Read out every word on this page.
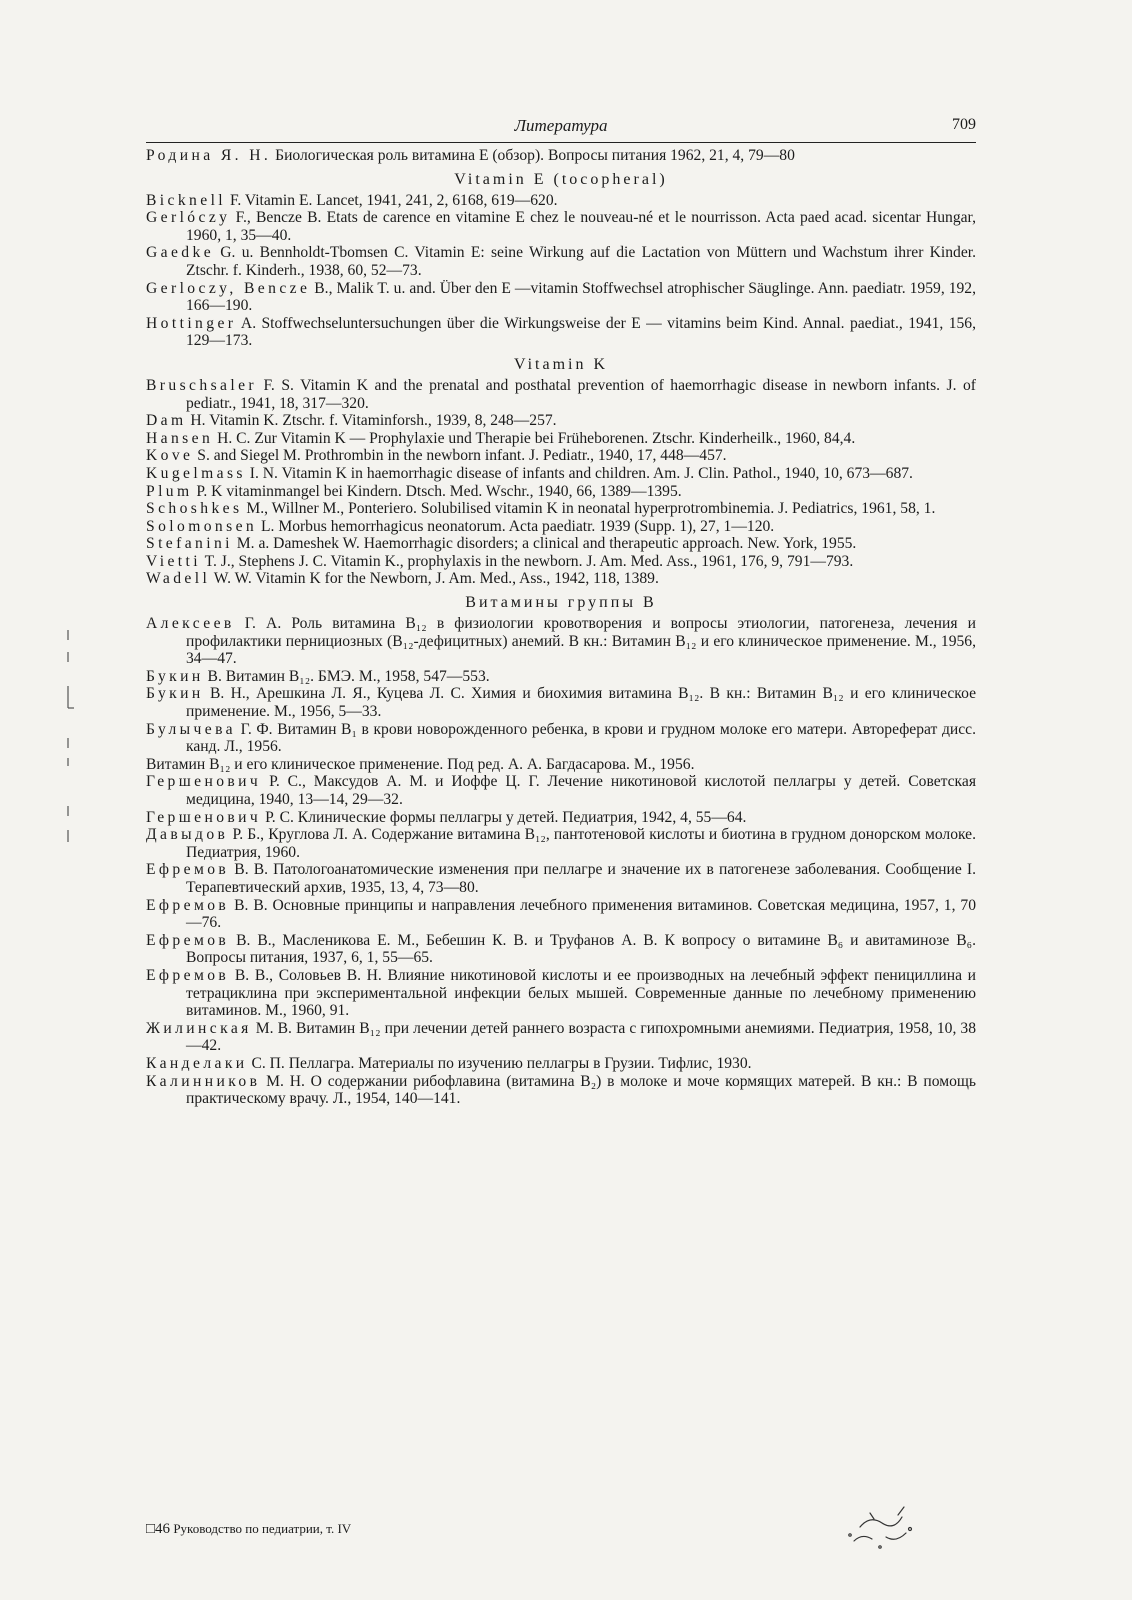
Литература	709

Родина Я. Н. Биологическая роль витамина Е (обзор). Вопросы питания 1962, 21, 4, 79—80

Vitamin E (tocopheral)

Bicknell F. Vitamin E. Lancet, 1941, 241, 2, 6168, 619—620.

Gerlóczy F., Bencze B. Etats de carence en vitamine E chez le nouveau-né et le nourrisson. Acta paed acad. sicentar Hungar, 1960, 1, 35—40.

Gaedke G. u. Bennholdt-Tbomsen C. Vitamin E: seine Wirkung auf die Lactation von Müttern und Wachstum ihrer Kinder. Ztschr. f. Kinderh., 1938, 60, 52—73.

Gerloczy, Bencze B., Malik T. u. and. Über den E —vitamin Stoffwechsel atrophischer Säuglinge. Ann. paediatr. 1959, 192, 166—190.

Hottinger A. Stoffwechseluntersuchungen über die Wirkungsweise der E — vitamins beim Kind. Annal. paediat., 1941, 156, 129—173.

Vitamin K

Bruschsaler F. S. Vitamin K and the prenatal and posthatal prevention of haemorrhagic disease in newborn infants. J. of pediatr., 1941, 18, 317—320.

Dam H. Vitamin K. Ztschr. f. Vitaminforsh., 1939, 8, 248—257.

Hansen H. C. Zur Vitamin K — Prophylaxie und Therapie bei Früheborenen. Ztschr. Kinderheilk., 1960, 84,4.

Kove S. and Siegel M. Prothrombin in the newborn infant. J. Pediatr., 1940, 17, 448—457.

Kugelmass I. N. Vitamin K in haemorrhagic disease of infants and children. Am. J. Clin. Pathol., 1940, 10, 673—687.

Plum P. K vitaminmangel bei Kindern. Dtsch. Med. Wschr., 1940, 66, 1389—1395.

Schoshkes M., Willner M., Ponteriero. Solubilised vitamin K in neonatal hyperprotrombinemia. J. Pediatrics, 1961, 58, 1.

Solomonsen L. Morbus hemorrhagicus neonatorum. Acta paediatr. 1939 (Supp. 1), 27, 1—120.

Stefanini M. a. Dameshek W. Haemorrhagic disorders; a clinical and therapeutic approach. New. York, 1955.

Vietti T. J., Stephens J. C. Vitamin K., prophylaxis in the newborn. J. Am. Med. Ass., 1961, 176, 9, 791—793.

Wadell W. W. Vitamin K for the Newborn, J. Am. Med., Ass., 1942, 118, 1389.

Витамины группы В

Алексеев Г. А. Роль витамина В₁₂ в физиологии кровотворения и вопросы этиологии, патогенеза, лечения и профилактики пернициозных (В₁₂-дефицитных) анемий. В кн.: Витамин В₁₂ и его клиническое применение. М., 1956, 34—47.

Букин В. Витамин В₁₂. БМЭ. М., 1958, 547—553.

Букин В. Н., Арешкина Л. Я., Куцева Л. С. Химия и биохимия витамина В₁₂. В кн.: Витамин В₁₂ и его клиническое применение. М., 1956, 5—33.

Булычева Г. Ф. Витамин В₁ в крови новорожденного ребенка, в крови и грудном молоке его матери. Автореферат дисс. канд. Л., 1956.

Витамин В₁₂ и его клиническое применение. Под ред. А. А. Багдасарова. М., 1956.

Гершенович Р. С., Максудов А. М. и Иоффе Ц. Г. Лечение никотиновой кислотой пеллагры у детей. Советская медицина, 1940, 13—14, 29—32.

Гершенович Р. С. Клинические формы пеллагры у детей. Педиатрия, 1942, 4, 55—64.

Давыдов Р. Б., Круглова Л. А. Содержание витамина В₁₂, пантотеновой кислоты и биотина в грудном донорском молоке. Педиатрия, 1960.

Ефремов В. В. Патологоанатомические изменения при пеллагре и значение их в патогенезе заболевания. Сообщение I. Терапевтический архив, 1935, 13, 4, 73—80.

Ефремов В. В. Основные принципы и направления лечебного применения витаминов. Советская медицина, 1957, 1, 70—76.

Ефремов В. В., Масленикова Е. М., Бебешин К. В. и Труфанов А. В. К вопросу о витамине В₆ и авитаминозе В₆. Вопросы питания, 1937, 6, 1, 55—65.

Ефремов В. В., Соловьев В. Н. Влияние никотиновой кислоты и ее производных на лечебный эффект пенициллина и тетрациклина при экспериментальной инфекции белых мышей. Современные данные по лечебному применению витаминов. М., 1960, 91.

Жилинская М. В. Витамин В₁₂ при лечении детей раннего возраста с гипохромными анемиями. Педиатрия, 1958, 10, 38—42.

Канделаки С. П. Пеллагра. Материалы по изучению пеллагры в Грузии. Тифлис, 1930.

Калинников М. Н. О содержании рибофлавина (витамина В₂) в молоке и моче кормящих матерей. В кн.: В помощь практическому врачу. Л., 1954, 140—141.

□46 Руководство по педиатрии, т. IV
